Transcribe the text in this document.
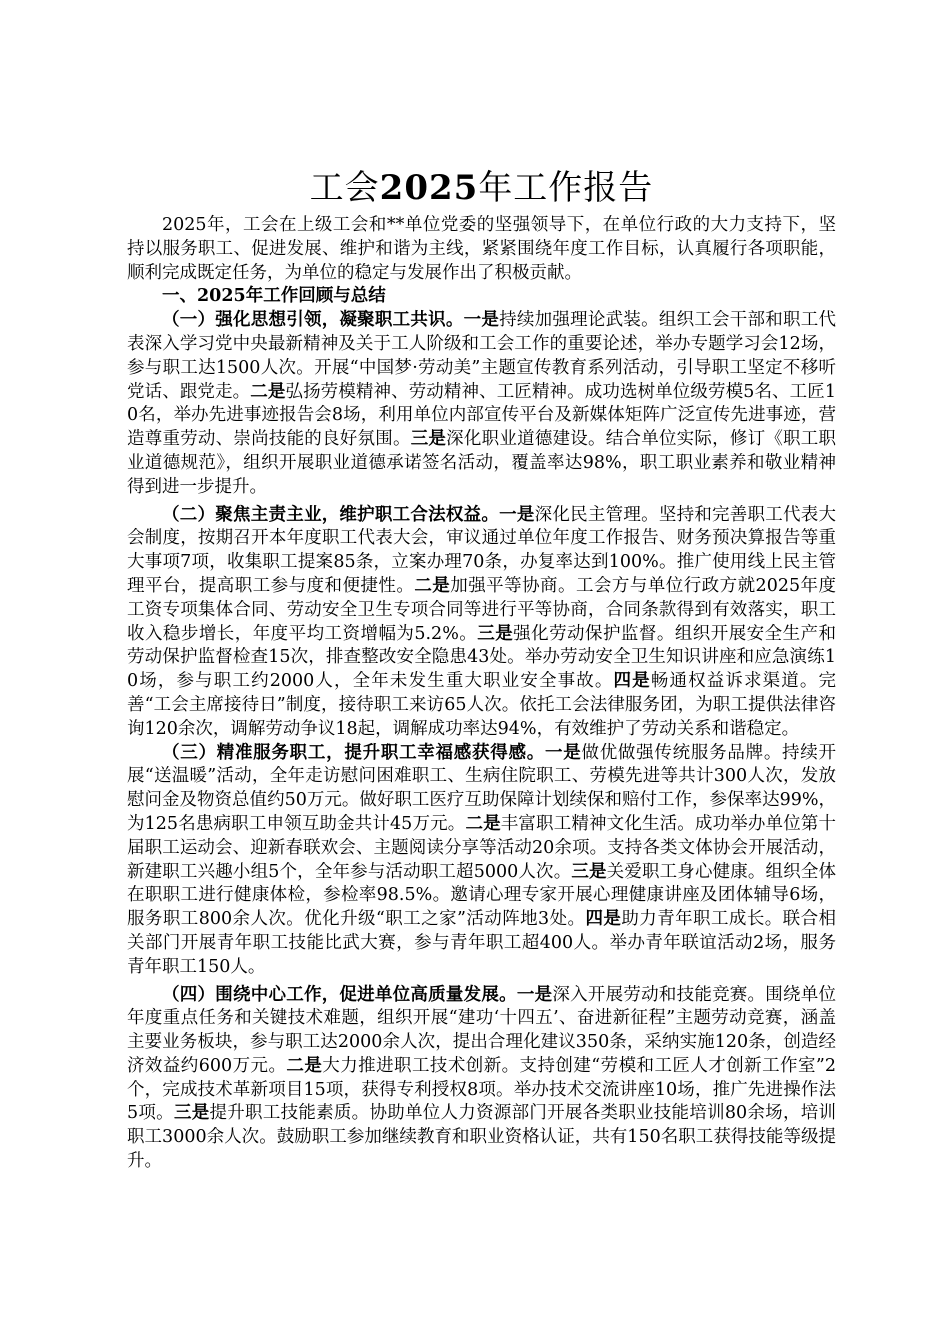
工会2025年工作报告

2025年，工会在上级工会和**单位党委的坚强领导下，在单位行政的大力支持下，坚持以服务职工、促进发展、维护和谐为主线，紧紧围绕年度工作目标，认真履行各项职能，顺利完成既定任务，为单位的稳定与发展作出了积极贡献。

一、2025年工作回顾与总结

（一）强化思想引领，凝聚职工共识。一是持续加强理论武装。组织工会干部和职工代表深入学习党中央最新精神及关于工人阶级和工会工作的重要论述，举办专题学习会12场，参与职工达1500人次。开展“中国梦·劳动美”主题宣传教育系列活动，引导职工坚定不移听党话、跟党走。二是弘扬劳模精神、劳动精神、工匠精神。成功选树单位级劳模5名、工匠10名，举办先进事迹报告会8场，利用单位内部宣传平台及新媒体矩阵广泛宣传先进事迹，营造尊重劳动、崇尚技能的良好氛围。三是深化职业道德建设。结合单位实际，修订《职工职业道德规范》，组织开展职业道德承诺签名活动，覆盖率达98%，职工职业素养和敬业精神得到进一步提升。

（二）聚焦主责主业，维护职工合法权益。一是深化民主管理。坚持和完善职工代表大会制度，按期召开本年度职工代表大会，审议通过单位年度工作报告、财务预决算报告等重大事项7项，收集职工提案85条，立案办理70条，办复率达到100%。推广使用线上民主管理平台，提高职工参与度和便捷性。二是加强平等协商。工会方与单位行政方就2025年度工资专项集体合同、劳动安全卫生专项合同等进行平等协商，合同条款得到有效落实，职工收入稳步增长，年度平均工资增幅为5.2%。三是强化劳动保护监督。组织开展安全生产和劳动保护监督检查15次，排查整改安全隐患43处。举办劳动安全卫生知识讲座和应急演练10场，参与职工约2000人，全年未发生重大职业安全事故。四是畅通权益诉求渠道。完善“工会主席接待日”制度，接待职工来访65人次。依托工会法律服务团，为职工提供法律咨询120余次，调解劳动争议18起，调解成功率达94%，有效维护了劳动关系和谐稳定。

（三）精准服务职工，提升职工幸福感获得感。一是做优做强传统服务品牌。持续开展“送温暖”活动，全年走访慰问困难职工、生病住院职工、劳模先进等共计300人次，发放慰问金及物资总值约50万元。做好职工医疗互助保障计划续保和赔付工作，参保率达99%，为125名患病职工申领互助金共计45万元。二是丰富职工精神文化生活。成功举办单位第十届职工运动会、迎新春联欢会、主题阅读分享等活动20余项。支持各类文体协会开展活动，新建职工兴趣小组5个，全年参与活动职工超5000人次。三是关爱职工身心健康。组织全体在职职工进行健康体检，参检率98.5%。邀请心理专家开展心理健康讲座及团体辅导6场，服务职工800余人次。优化升级“职工之家”活动阵地3处。四是助力青年职工成长。联合相关部门开展青年职工技能比武大赛，参与青年职工超400人。举办青年联谊活动2场，服务青年职工150人。

（四）围绕中心工作，促进单位高质量发展。一是深入开展劳动和技能竞赛。围绕单位年度重点任务和关键技术难题，组织开展“建功‘十四五’、奋进新征程”主题劳动竞赛，涵盖主要业务板块，参与职工达2000余人次，提出合理化建议350条，采纳实施120条，创造经济效益约600万元。二是大力推进职工技术创新。支持创建“劳模和工匠人才创新工作室”2个，完成技术革新项目15项，获得专利授权8项。举办技术交流讲座10场，推广先进操作法5项。三是提升职工技能素质。协助单位人力资源部门开展各类职业技能培训80余场，培训职工3000余人次。鼓励职工参加继续教育和职业资格认证，共有150名职工获得技能等级提升。
